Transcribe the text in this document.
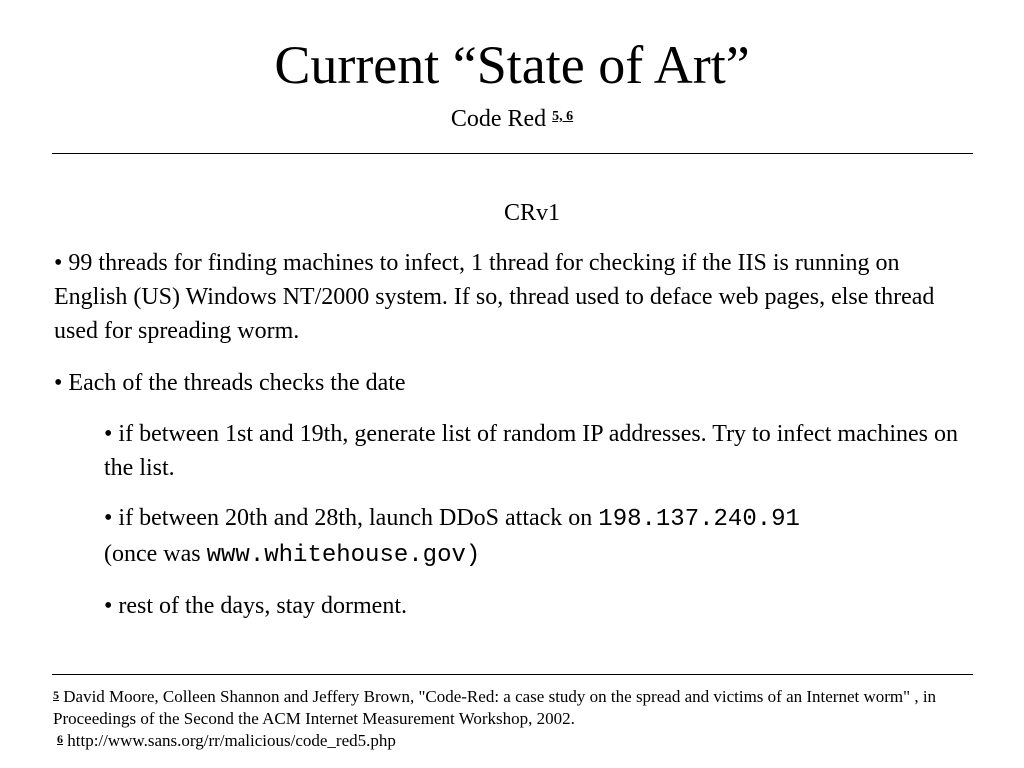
Current “State of Art”
Code Red $^{5, 6}$
CRv1

• 99 threads for finding machines to infect, 1 thread for checking if the IIS is running on English (US) Windows NT/2000 system. If so, thread used to deface web pages, else thread used for spreading worm.

• Each of the threads checks the date

• if between 1st and 19th, generate list of random IP addresses. Try to infect machines on the list.

• if between 20th and 28th, launch DDoS attack on 198.137.240.91
(once was www.whitehouse.gov)

• rest of the days, stay dorment.

$^5$ David Moore, Colleen Shannon and Jeffery Brown, "Code-Red: a case study on the spread and victims of an Internet worm" , in Proceedings of the Second the ACM Internet Measurement Workshop, 2002.
$^6$ http://www.sans.org/rr/malicious/code_red5.php
